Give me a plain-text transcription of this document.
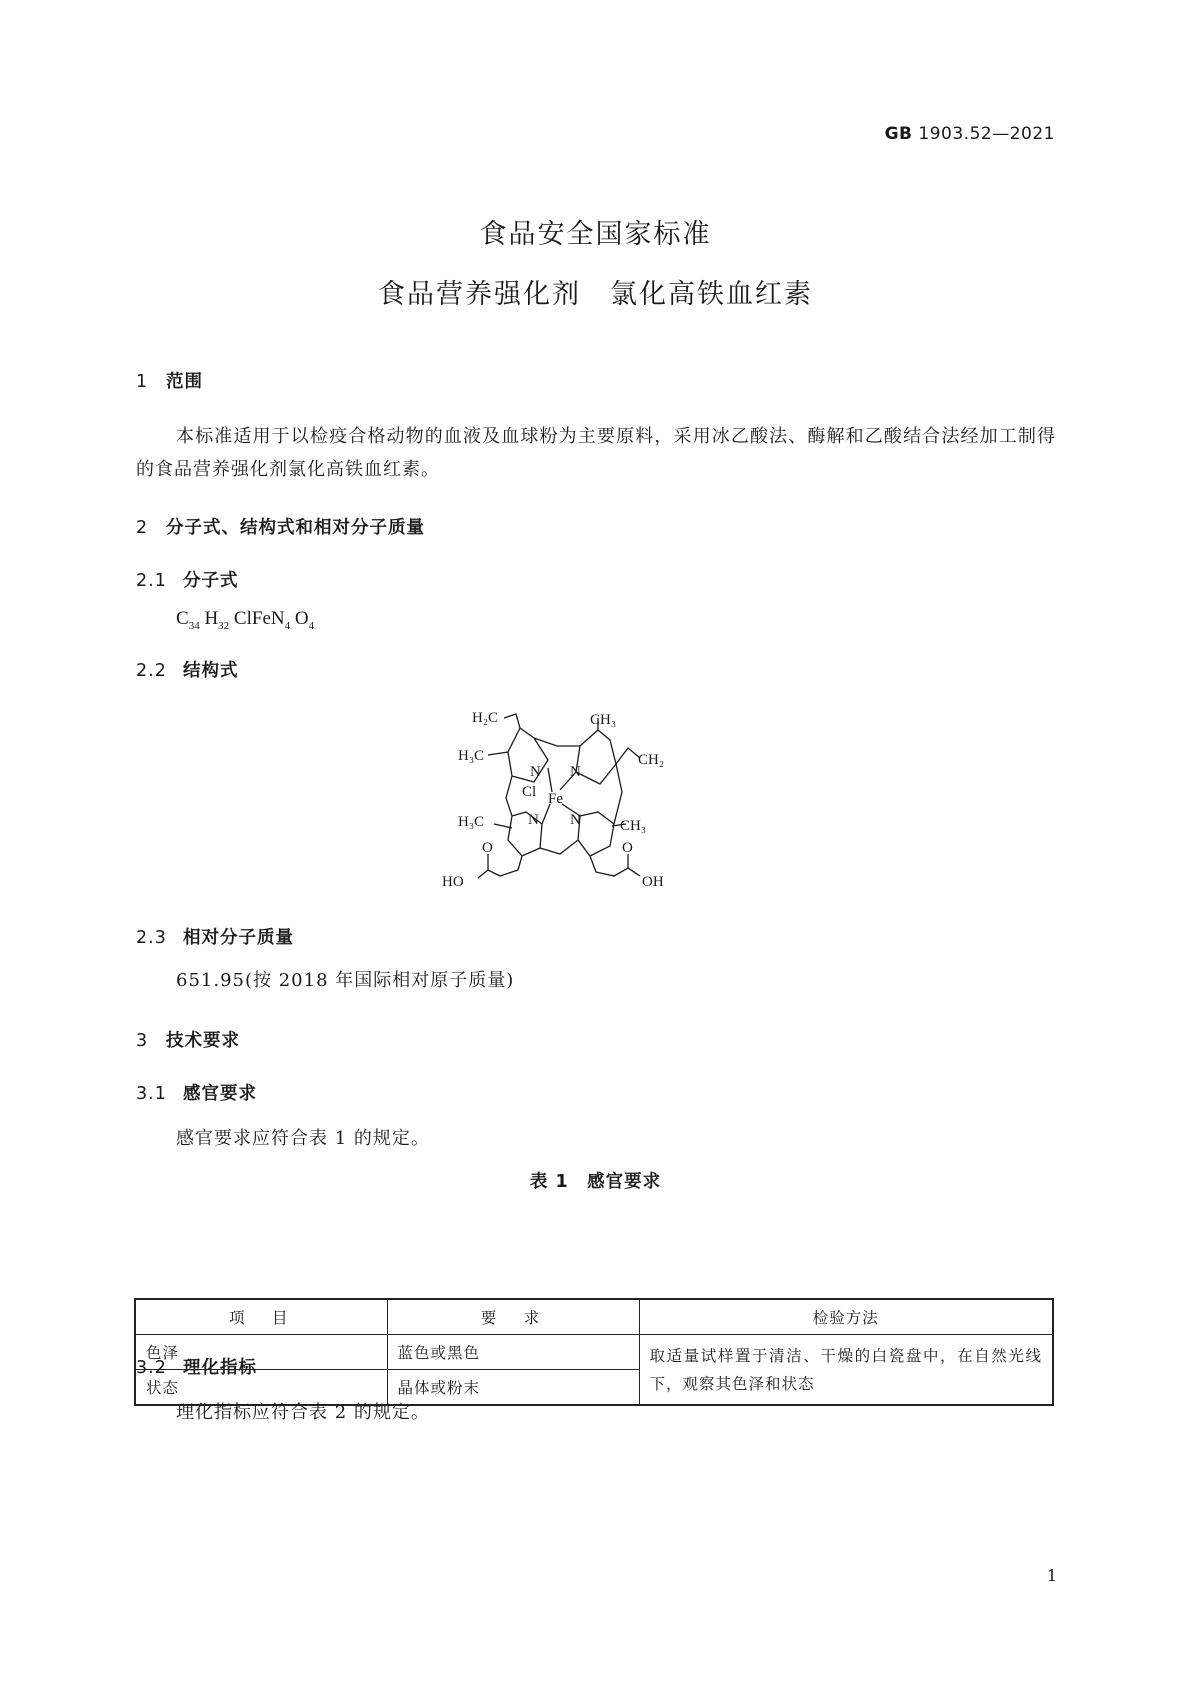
GB 1903.52—2021
食品安全国家标准
食品营养强化剂　氯化高铁血红素
1 范围
本标准适用于以检疫合格动物的血液及血球粉为主要原料，采用冰乙酸法、酶解和乙酸结合法经加工制得的食品营养强化剂氯化高铁血红素。
2 分子式、结构式和相对分子质量
2.1 分子式
$C_{34}$ $H_{32}$ ClFeN$_4$ $O_4$
2.2 结构式
H₂C	CH₃
H₃C	CH₂
N N
Cl Fe
H₃C	N N	CH₃
O	O
HO	OH
2.3 相对分子质量
651.95(按 2018 年国际相对原子质量)
3 技术要求
3.1 感官要求
感官要求应符合表 1 的规定。
表 1　感官要求
项　目	要　求	检验方法
色泽	蓝色或黑色	取适量试样置于清洁、干燥的白瓷盘中，在自然光线下，观察其色泽和状态
状态	晶体或粉末	
3.2 理化指标
理化指标应符合表 2 的规定。
1
